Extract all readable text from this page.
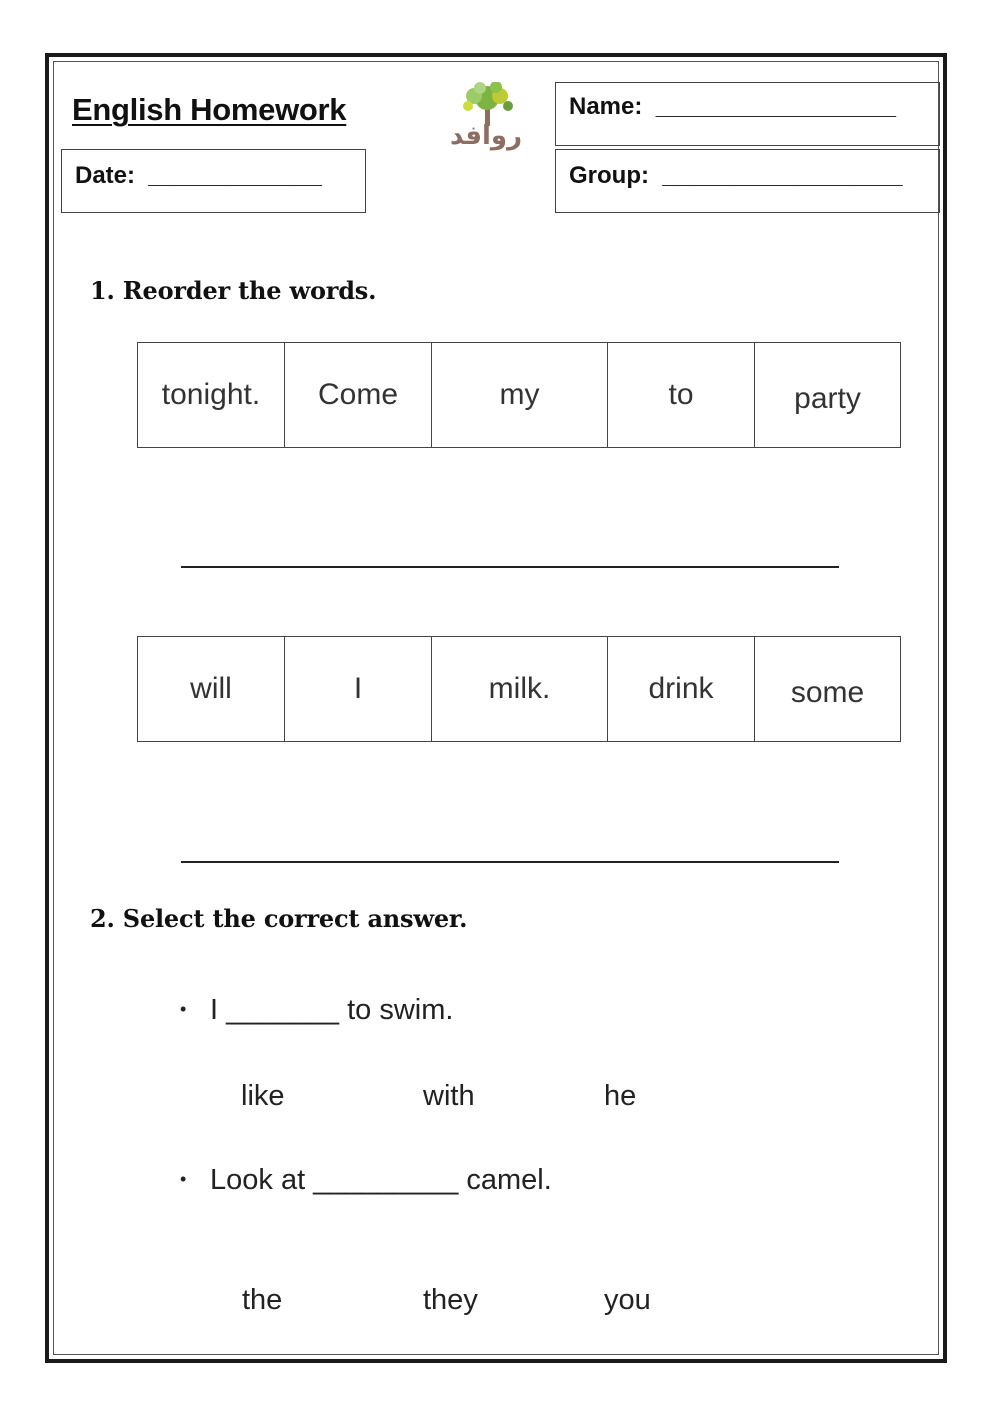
English Homework
Date:  _____________
روافد
Name:  __________________
Group:  __________________
1. Reorder the words.
tonight.	Come	my	to	party
will	I	milk.	drink	some
2. Select the correct answer.
• I _______ to swim.
like	with	he
• Look at _________ camel.
the	they	you
